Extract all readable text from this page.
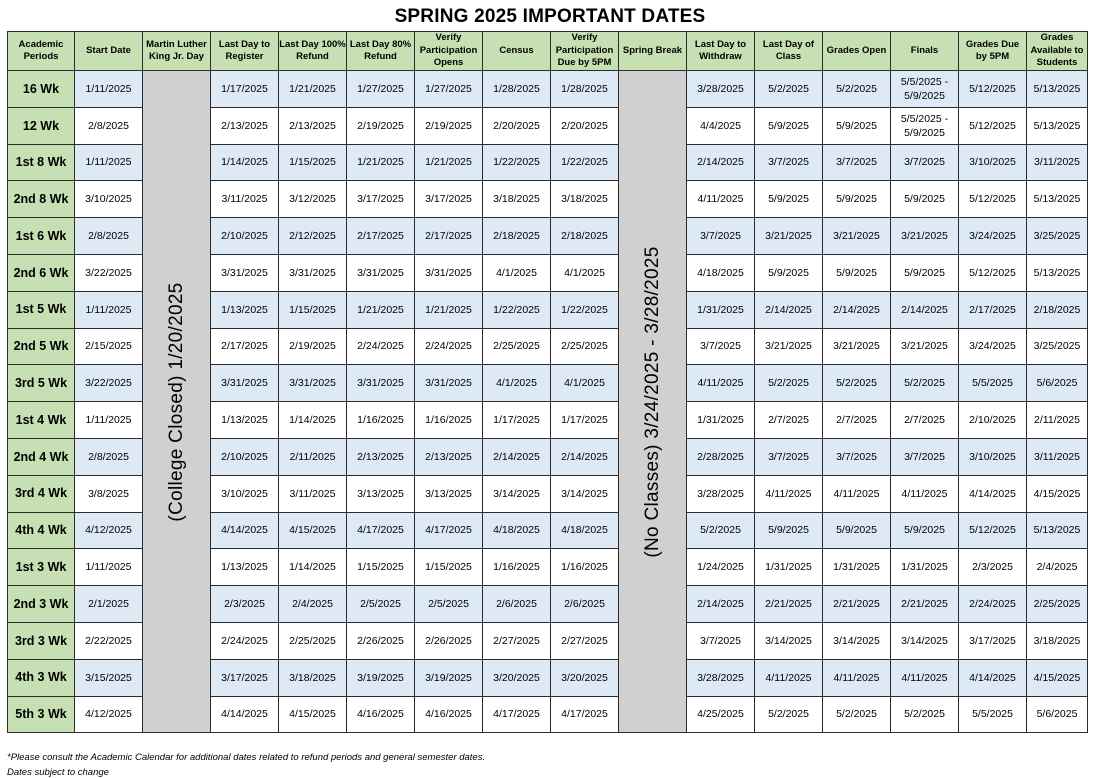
SPRING 2025 IMPORTANT DATES
Academic Periods	Start Date	Martin Luther King Jr. Day	Last Day to Register	Last Day 100% Refund	Last Day 80% Refund	Verify Participation Opens	Census	Verify Participation Due by 5PM	Spring Break	Last Day to Withdraw	Last Day of Class	Grades Open	Finals	Grades Due by 5PM	Grades Available to Students
16 Wk	1/11/2025	(College Closed) 1/20/2025	1/17/2025	1/21/2025	1/27/2025	1/27/2025	1/28/2025	1/28/2025	(No Classes) 3/24/2025 - 3/28/2025	3/28/2025	5/2/2025	5/2/2025	5/5/2025 - 5/9/2025	5/12/2025	5/13/2025
12 Wk	2/8/2025		2/13/2025	2/13/2025	2/19/2025	2/19/2025	2/20/2025	2/20/2025		4/4/2025	5/9/2025	5/9/2025	5/5/2025 - 5/9/2025	5/12/2025	5/13/2025
1st 8 Wk	1/11/2025		1/14/2025	1/15/2025	1/21/2025	1/21/2025	1/22/2025	1/22/2025		2/14/2025	3/7/2025	3/7/2025	3/7/2025	3/10/2025	3/11/2025
2nd 8 Wk	3/10/2025		3/11/2025	3/12/2025	3/17/2025	3/17/2025	3/18/2025	3/18/2025		4/11/2025	5/9/2025	5/9/2025	5/9/2025	5/12/2025	5/13/2025
1st 6 Wk	2/8/2025		2/10/2025	2/12/2025	2/17/2025	2/17/2025	2/18/2025	2/18/2025		3/7/2025	3/21/2025	3/21/2025	3/21/2025	3/24/2025	3/25/2025
2nd 6 Wk	3/22/2025		3/31/2025	3/31/2025	3/31/2025	3/31/2025	4/1/2025	4/1/2025		4/18/2025	5/9/2025	5/9/2025	5/9/2025	5/12/2025	5/13/2025
1st 5 Wk	1/11/2025		1/13/2025	1/15/2025	1/21/2025	1/21/2025	1/22/2025	1/22/2025		1/31/2025	2/14/2025	2/14/2025	2/14/2025	2/17/2025	2/18/2025
2nd 5 Wk	2/15/2025		2/17/2025	2/19/2025	2/24/2025	2/24/2025	2/25/2025	2/25/2025		3/7/2025	3/21/2025	3/21/2025	3/21/2025	3/24/2025	3/25/2025
3rd 5 Wk	3/22/2025		3/31/2025	3/31/2025	3/31/2025	3/31/2025	4/1/2025	4/1/2025		4/11/2025	5/2/2025	5/2/2025	5/2/2025	5/5/2025	5/6/2025
1st 4 Wk	1/11/2025		1/13/2025	1/14/2025	1/16/2025	1/16/2025	1/17/2025	1/17/2025		1/31/2025	2/7/2025	2/7/2025	2/7/2025	2/10/2025	2/11/2025
2nd 4 Wk	2/8/2025		2/10/2025	2/11/2025	2/13/2025	2/13/2025	2/14/2025	2/14/2025		2/28/2025	3/7/2025	3/7/2025	3/7/2025	3/10/2025	3/11/2025
3rd 4 Wk	3/8/2025		3/10/2025	3/11/2025	3/13/2025	3/13/2025	3/14/2025	3/14/2025		3/28/2025	4/11/2025	4/11/2025	4/11/2025	4/14/2025	4/15/2025
4th 4 Wk	4/12/2025		4/14/2025	4/15/2025	4/17/2025	4/17/2025	4/18/2025	4/18/2025		5/2/2025	5/9/2025	5/9/2025	5/9/2025	5/12/2025	5/13/2025
1st 3 Wk	1/11/2025		1/13/2025	1/14/2025	1/15/2025	1/15/2025	1/16/2025	1/16/2025		1/24/2025	1/31/2025	1/31/2025	1/31/2025	2/3/2025	2/4/2025
2nd 3 Wk	2/1/2025		2/3/2025	2/4/2025	2/5/2025	2/5/2025	2/6/2025	2/6/2025		2/14/2025	2/21/2025	2/21/2025	2/21/2025	2/24/2025	2/25/2025
3rd 3 Wk	2/22/2025		2/24/2025	2/25/2025	2/26/2025	2/26/2025	2/27/2025	2/27/2025		3/7/2025	3/14/2025	3/14/2025	3/14/2025	3/17/2025	3/18/2025
4th 3 Wk	3/15/2025		3/17/2025	3/18/2025	3/19/2025	3/19/2025	3/20/2025	3/20/2025		3/28/2025	4/11/2025	4/11/2025	4/11/2025	4/14/2025	4/15/2025
5th 3 Wk	4/12/2025		4/14/2025	4/15/2025	4/16/2025	4/16/2025	4/17/2025	4/17/2025		4/25/2025	5/2/2025	5/2/2025	5/2/2025	5/5/2025	5/6/2025
*Please consult the Academic Calendar for additional dates related to refund periods and general semester dates.
Dates subject to change
